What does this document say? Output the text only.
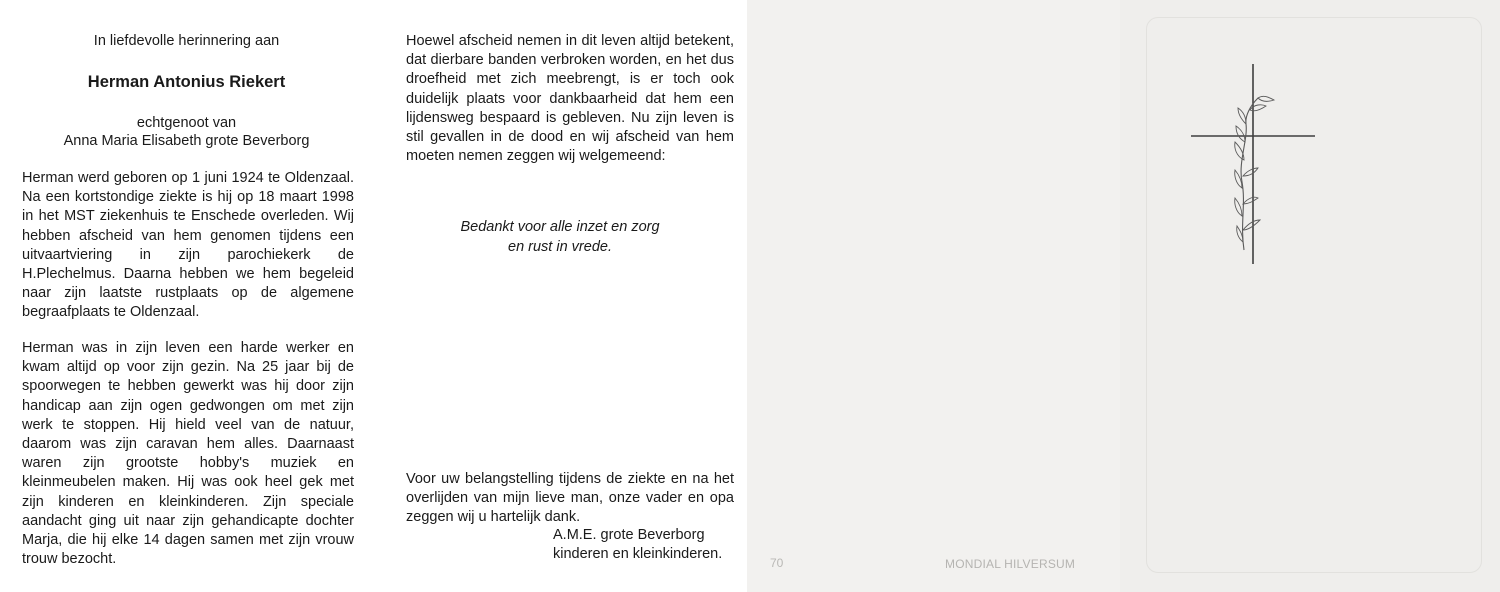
In liefdevolle herinnering aan
Herman Antonius Riekert
echtgenoot van
Anna Maria Elisabeth grote Beverborg
Herman werd geboren op 1 juni 1924 te Oldenzaal. Na een kortstondige ziekte is hij op 18 maart 1998 in het MST ziekenhuis te Enschede overleden. Wij hebben afscheid van hem genomen tijdens een uitvaartviering in zijn parochiekerk de H.Plechelmus. Daarna hebben we hem begeleid naar zijn laatste rustplaats op de algemene begraafplaats te Oldenzaal.
Herman was in zijn leven een harde werker en kwam altijd op voor zijn gezin. Na 25 jaar bij de spoorwegen te hebben gewerkt was hij door zijn handicap aan zijn ogen gedwongen om met zijn werk te stoppen. Hij hield veel van de natuur, daarom was zijn caravan hem alles. Daarnaast waren zijn grootste hobby's muziek en kleinmeubelen maken. Hij was ook heel gek met zijn kinderen en kleinkinderen. Zijn speciale aandacht ging uit naar zijn gehandicapte dochter Marja, die hij elke 14 dagen samen met zijn vrouw trouw bezocht.
Hoewel afscheid nemen in dit leven altijd betekent, dat dierbare banden verbroken worden, en het dus droefheid met zich meebrengt, is er toch ook duidelijk plaats voor dankbaarheid dat hem een lijdensweg bespaard is gebleven. Nu zijn leven is stil gevallen in de dood en wij afscheid van hem moeten nemen zeggen wij welgemeend:
Bedankt voor alle inzet en zorg
en rust in vrede.
Voor uw belangstelling tijdens de ziekte en na het overlijden van mijn lieve man, onze vader en opa zeggen wij u hartelijk dank.
A.M.E. grote Beverborg
kinderen en kleinkinderen.
70	MONDIAL HILVERSUM
